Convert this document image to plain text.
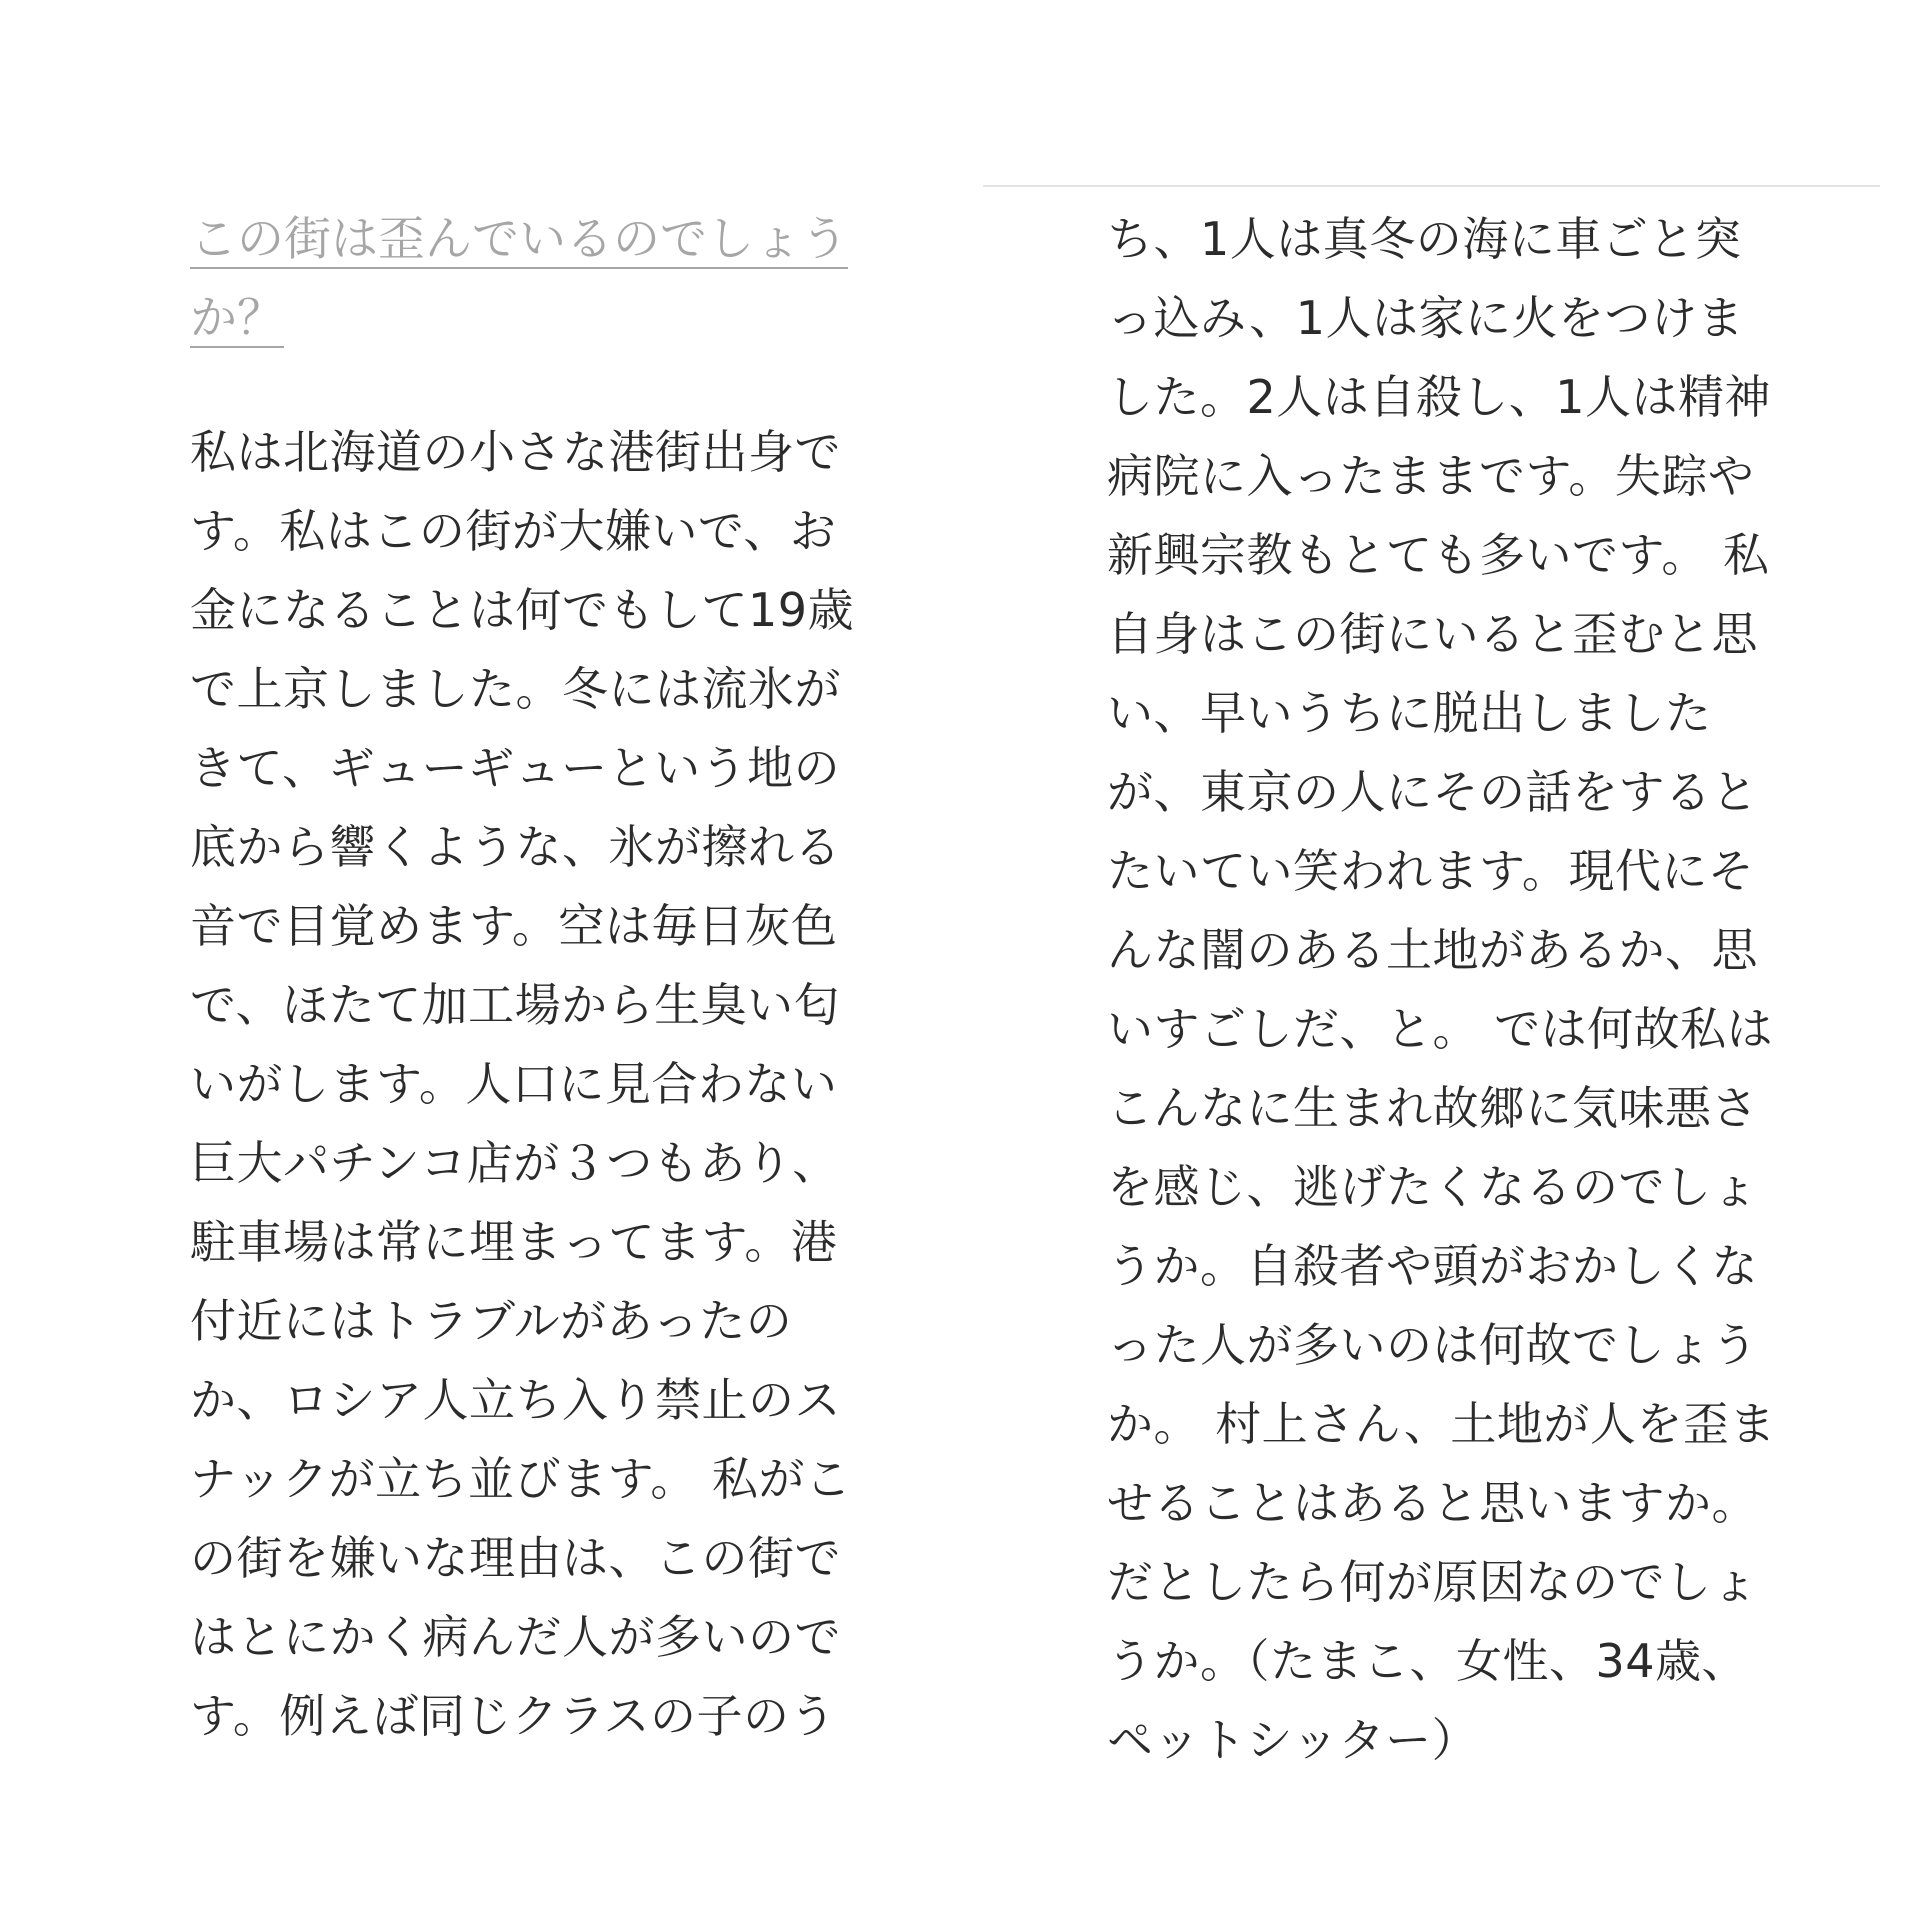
この街は歪んでいるのでしょうか？
私は北海道の小さな港街出身で
す。私はこの街が大嫌いで、お
金になることは何でもして19歳
で上京しました。冬には流氷が
きて、ギューギューという地の
底から響くような、氷が擦れる
音で目覚めます。空は毎日灰色
で、ほたて加工場から生臭い匂
いがします。人口に見合わない
巨大パチンコ店が３つもあり、
駐車場は常に埋まってます。港
付近にはトラブルがあったの
か、ロシア人立ち入り禁止のス
ナックが立ち並びます。 私がこ
の街を嫌いな理由は、この街で
はとにかく病んだ人が多いので
す。例えば同じクラスの子のう
ち、1人は真冬の海に車ごと突
っ込み、1人は家に火をつけま
した。2人は自殺し、1人は精神
病院に入ったままです。失踪や
新興宗教もとても多いです。 私
自身はこの街にいると歪むと思
い、早いうちに脱出しました
が、東京の人にその話をすると
たいてい笑われます。現代にそ
んな闇のある土地があるか、思
いすごしだ、と。 では何故私は
こんなに生まれ故郷に気味悪さ
を感じ、逃げたくなるのでしょ
うか。自殺者や頭がおかしくな
った人が多いのは何故でしょう
か。 村上さん、土地が人を歪ま
せることはあると思いますか。
だとしたら何が原因なのでしょ
うか。（たまこ、女性、34歳、
ペットシッター）
